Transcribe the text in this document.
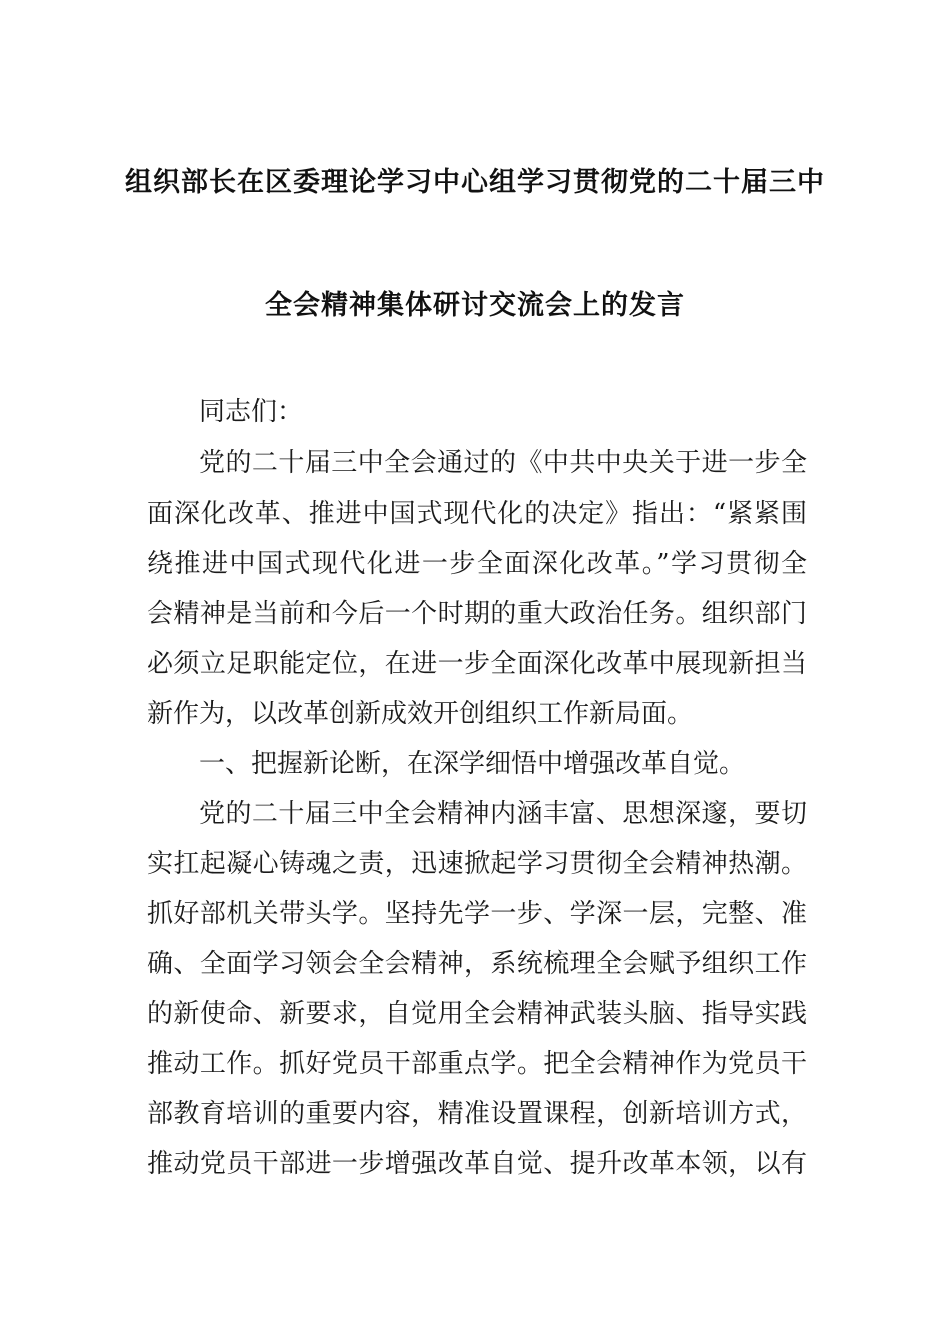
组织部长在区委理论学习中心组学习贯彻党的二十届三中
全会精神集体研讨交流会上的发言
同志们：
党的二十届三中全会通过的《中共中央关于进一步全
面深化改革、推进中国式现代化的决定》指出：“紧紧围
绕推进中国式现代化进一步全面深化改革。”学习贯彻全
会精神是当前和今后一个时期的重大政治任务。组织部门
必须立足职能定位，在进一步全面深化改革中展现新担当
新作为，以改革创新成效开创组织工作新局面。
一、把握新论断，在深学细悟中增强改革自觉。
党的二十届三中全会精神内涵丰富、思想深邃，要切
实扛起凝心铸魂之责，迅速掀起学习贯彻全会精神热潮。
抓好部机关带头学。坚持先学一步、学深一层，完整、准
确、全面学习领会全会精神，系统梳理全会赋予组织工作
的新使命、新要求，自觉用全会精神武装头脑、指导实践
推动工作。抓好党员干部重点学。把全会精神作为党员干
部教育培训的重要内容，精准设置课程，创新培训方式，
推动党员干部进一步增强改革自觉、提升改革本领，以有
